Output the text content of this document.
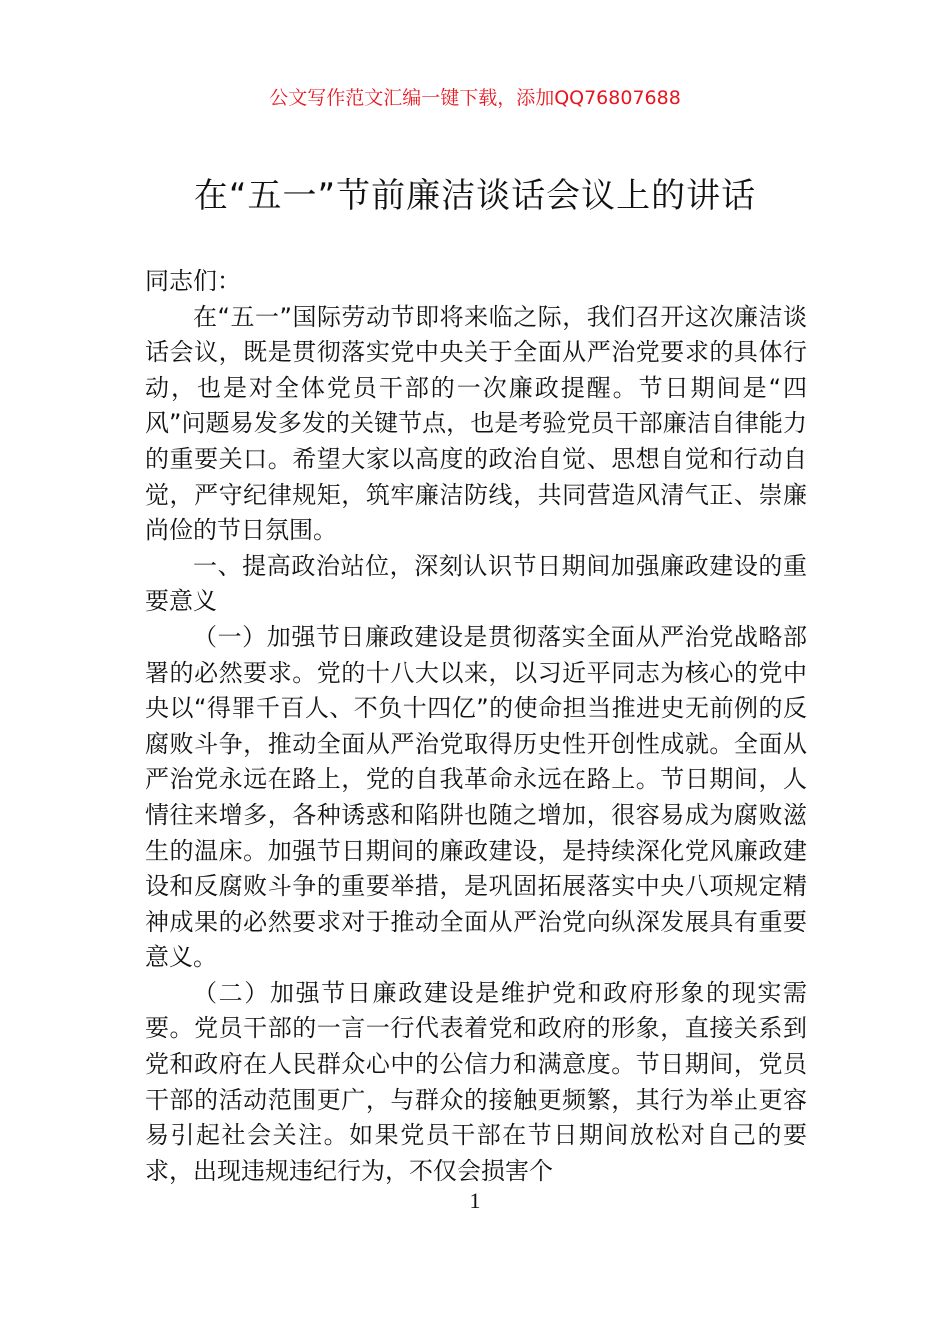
公文写作范文汇编一键下载，添加QQ76807688
在“五一”节前廉洁谈话会议上的讲话

同志们：

在“五一”国际劳动节即将来临之际，我们召开这次廉洁谈话会议，既是贯彻落实党中央关于全面从严治党要求的具体行动，也是对全体党员干部的一次廉政提醒。节日期间是“四风”问题易发多发的关键节点，也是考验党员干部廉洁自律能力的重要关口。希望大家以高度的政治自觉、思想自觉和行动自觉，严守纪律规矩，筑牢廉洁防线，共同营造风清气正、崇廉尚俭的节日氛围。

一、提高政治站位，深刻认识节日期间加强廉政建设的重要意义

（一）加强节日廉政建设是贯彻落实全面从严治党战略部署的必然要求。党的十八大以来，以习近平同志为核心的党中央以“得罪千百人、不负十四亿”的使命担当推进史无前例的反腐败斗争，推动全面从严治党取得历史性开创性成就。全面从严治党永远在路上，党的自我革命永远在路上。节日期间，人情往来增多，各种诱惑和陷阱也随之增加，很容易成为腐败滋生的温床。加强节日期间的廉政建设，是持续深化党风廉政建设和反腐败斗争的重要举措，是巩固拓展落实中央八项规定精神成果的必然要求对于推动全面从严治党向纵深发展具有重要意义。

（二）加强节日廉政建设是维护党和政府形象的现实需要。党员干部的一言一行代表着党和政府的形象，直接关系到党和政府在人民群众心中的公信力和满意度。节日期间，党员干部的活动范围更广，与群众的接触更频繁，其行为举止更容易引起社会关注。如果党员干部在节日期间放松对自己的要求，出现违规违纪行为，不仅会损害个

1
